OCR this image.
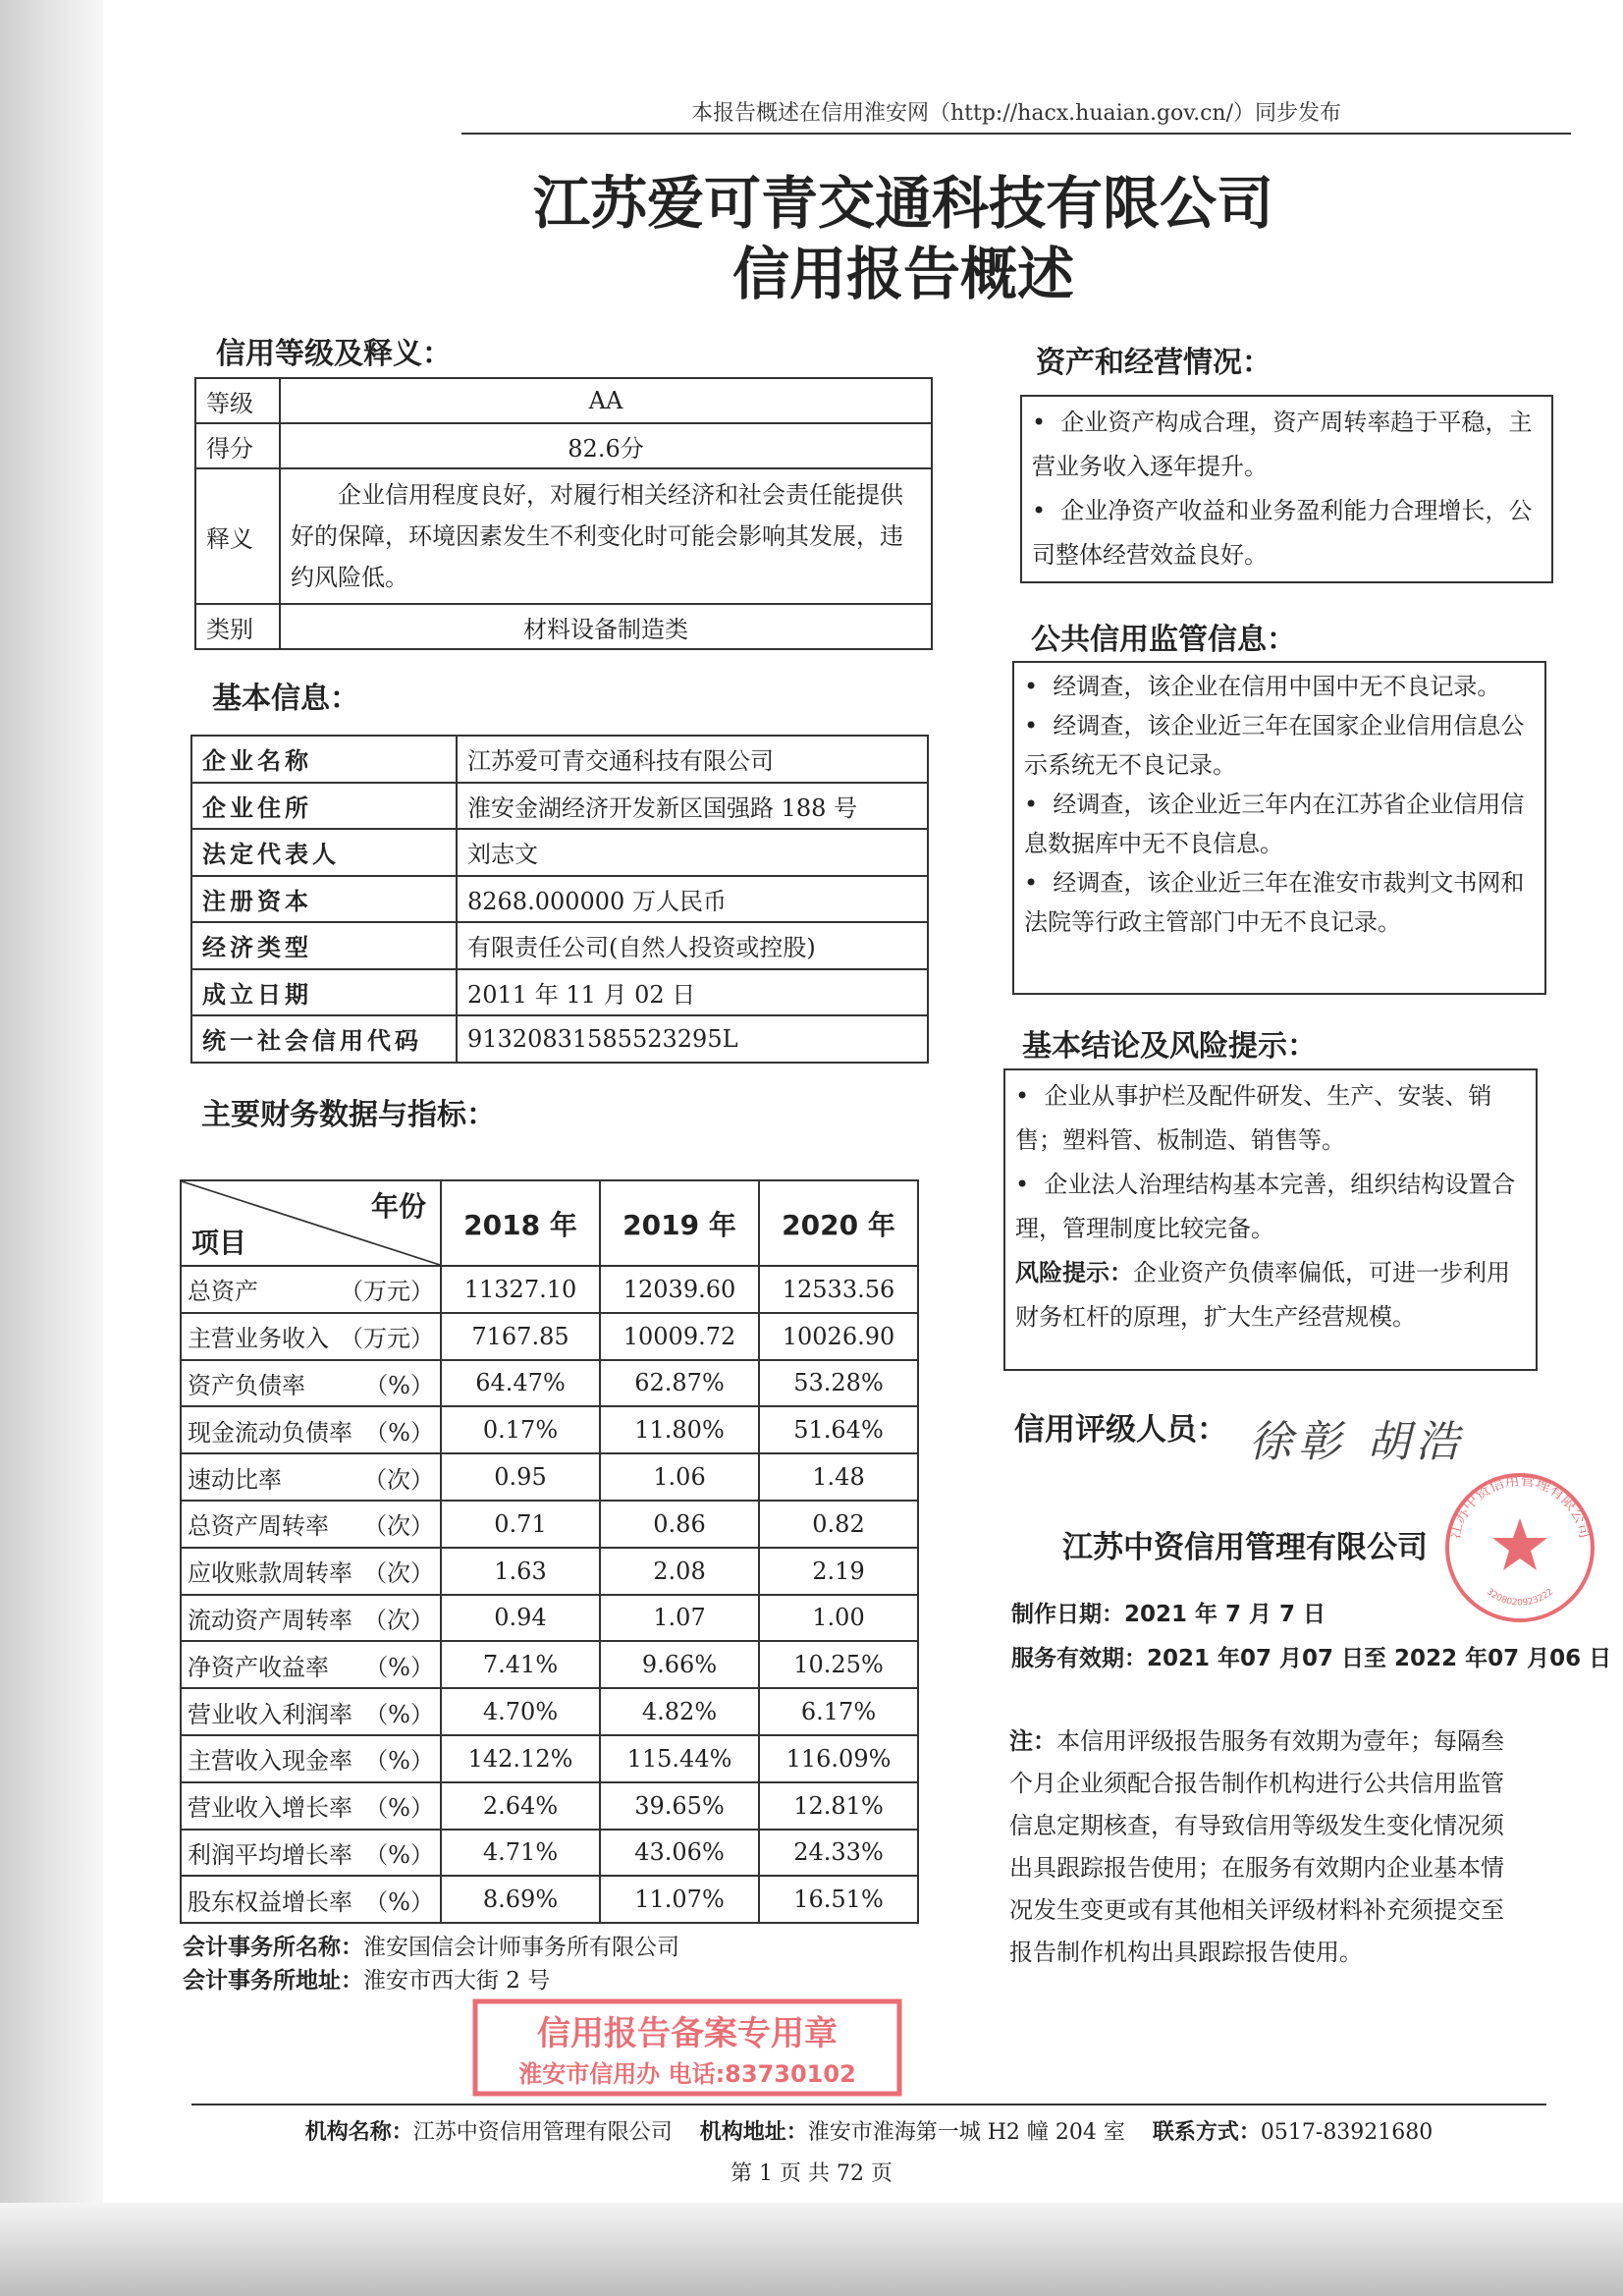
本报告概述在信用淮安网（http://hacx.huaian.gov.cn/）同步发布
江苏爱可青交通科技有限公司
信用报告概述
信用等级及释义：
等级	AA
得分	82.6分
释义	企业信用程度良好，对履行相关经济和社会责任能提供好的保障，环境因素发生不利变化时可能会影响其发展，违约风险低。
类别	材料设备制造类
基本信息：
企业名称	江苏爱可青交通科技有限公司
企业住所	淮安金湖经济开发新区国强路 188 号
法定代表人	刘志文
注册资本	8268.000000 万人民币
经济类型	有限责任公司(自然人投资或控股)
成立日期	2011 年 11 月 02 日
统一社会信用代码	91320831585523295L
主要财务数据与指标：
年份
项目	2018 年	2019 年	2020 年
总资产 （万元）	11327.10	12039.60	12533.56
主营业务收入 （万元）	7167.85	10009.72	10026.90
资产负债率 （%）	64.47%	62.87%	53.28%
现金流动负债率 （%）	0.17%	11.80%	51.64%
速动比率 （次）	0.95	1.06	1.48
总资产周转率 （次）	0.71	0.86	0.82
应收账款周转率 （次）	1.63	2.08	2.19
流动资产周转率 （次）	0.94	1.07	1.00
净资产收益率 （%）	7.41%	9.66%	10.25%
营业收入利润率 （%）	4.70%	4.82%	6.17%
主营收入现金率 （%）	142.12%	115.44%	116.09%
营业收入增长率 （%）	2.64%	39.65%	12.81%
利润平均增长率 （%）	4.71%	43.06%	24.33%
股东权益增长率 （%）	8.69%	11.07%	16.51%
会计事务所名称：淮安国信会计师事务所有限公司
会计事务所地址：淮安市西大街 2 号
资产和经营情况：

•  企业资产构成合理，资产周转率趋于平稳，主营业务收入逐年提升。

•  企业净资产收益和业务盈利能力合理增长，公司整体经营效益良好。

公共信用监管信息：

•  经调查，该企业在信用中国中无不良记录。

•  经调查，该企业近三年在国家企业信用信息公示系统无不良记录。

•  经调查，该企业近三年内在江苏省企业信用信息数据库中无不良信息。

•  经调查，该企业近三年在淮安市裁判文书网和法院等行政主管部门中无不良记录。

基本结论及风险提示：

•  企业从事护栏及配件研发、生产、安装、销售；塑料管、板制造、销售等。

•  企业法人治理结构基本完善，组织结构设置合理，管理制度比较完备。

风险提示：企业资产负债率偏低，可进一步利用财务杠杆的原理，扩大生产经营规模。

信用评级人员： 徐彰 胡浩
江苏中资信用管理有限公司
制作日期：2021 年 7 月 7 日
服务有效期：2021 年07 月07 日至 2022 年07 月06 日
注：本信用评级报告服务有效期为壹年；每隔叁个月企业须配合报告制作机构进行公共信用监管信息定期核查，有导致信用等级发生变化情况须出具跟踪报告使用；在服务有效期内企业基本情况发生变更或有其他相关评级材料补充须提交至报告制作机构出具跟踪报告使用。
江苏中资信用管理有限公司
3208020923222
信用报告备案专用章
淮安市信用办 电话:83730102
机构名称：江苏中资信用管理有限公司 机构地址：淮安市淮海第一城 H2 幢 204 室 联系方式：0517-83921680
第 1 页 共 72 页
